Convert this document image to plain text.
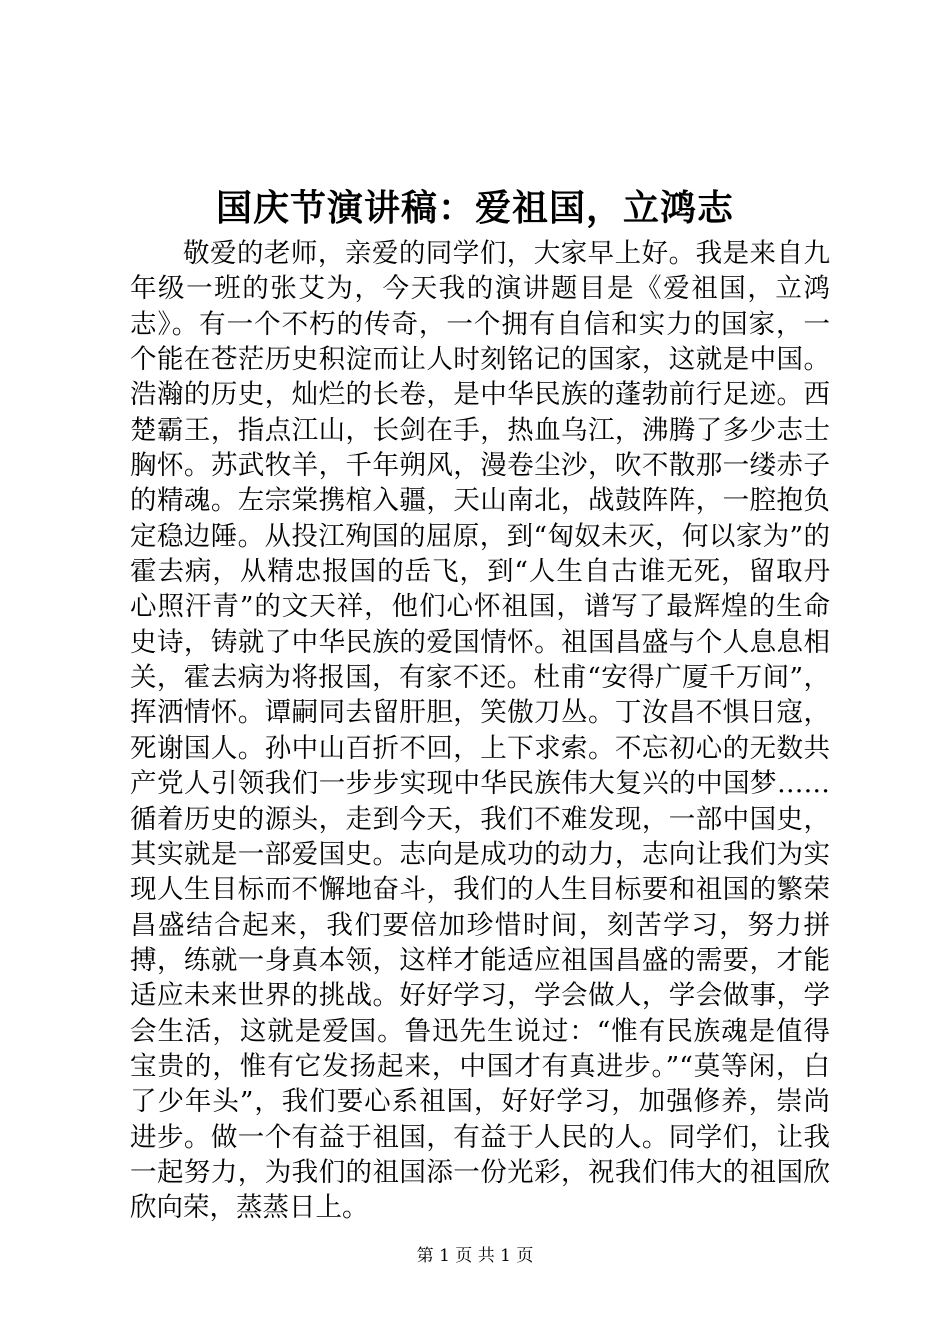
国庆节演讲稿：爱祖国，立鸿志

敬爱的老师，亲爱的同学们，大家早上好。我是来自九年级一班的张艾为，今天我的演讲题目是《爱祖国，立鸿志》。有一个不朽的传奇，一个拥有自信和实力的国家，一个能在苍茫历史积淀而让人时刻铭记的国家，这就是中国。浩瀚的历史，灿烂的长卷，是中华民族的蓬勃前行足迹。西楚霸王，指点江山，长剑在手，热血乌江，沸腾了多少志士胸怀。苏武牧羊，千年朔风，漫卷尘沙，吹不散那一缕赤子的精魂。左宗棠携棺入疆，天山南北，战鼓阵阵，一腔抱负定稳边陲。从投江殉国的屈原，到“匈奴未灭，何以家为”的霍去病，从精忠报国的岳飞，到“人生自古谁无死，留取丹心照汗青”的文天祥，他们心怀祖国，谱写了最辉煌的生命史诗，铸就了中华民族的爱国情怀。祖国昌盛与个人息息相关，霍去病为将报国，有家不还。杜甫“安得广厦千万间”，挥洒情怀。谭嗣同去留肝胆，笑傲刀丛。丁汝昌不惧日寇，死谢国人。孙中山百折不回，上下求索。不忘初心的无数共产党人引领我们一步步实现中华民族伟大复兴的中国梦……循着历史的源头，走到今天，我们不难发现，一部中国史，其实就是一部爱国史。志向是成功的动力，志向让我们为实现人生目标而不懈地奋斗，我们的人生目标要和祖国的繁荣昌盛结合起来，我们要倍加珍惜时间，刻苦学习，努力拼搏，练就一身真本领，这样才能适应祖国昌盛的需要，才能适应未来世界的挑战。好好学习，学会做人，学会做事，学会生活，这就是爱国。鲁迅先生说过：“惟有民族魂是值得宝贵的，惟有它发扬起来，中国才有真进步。”“莫等闲，白了少年头”，我们要心系祖国，好好学习，加强修养，崇尚进步。做一个有益于祖国，有益于人民的人。同学们，让我一起努力，为我们的祖国添一份光彩，祝我们伟大的祖国欣欣向荣，蒸蒸日上。

第 1 页 共 1 页
